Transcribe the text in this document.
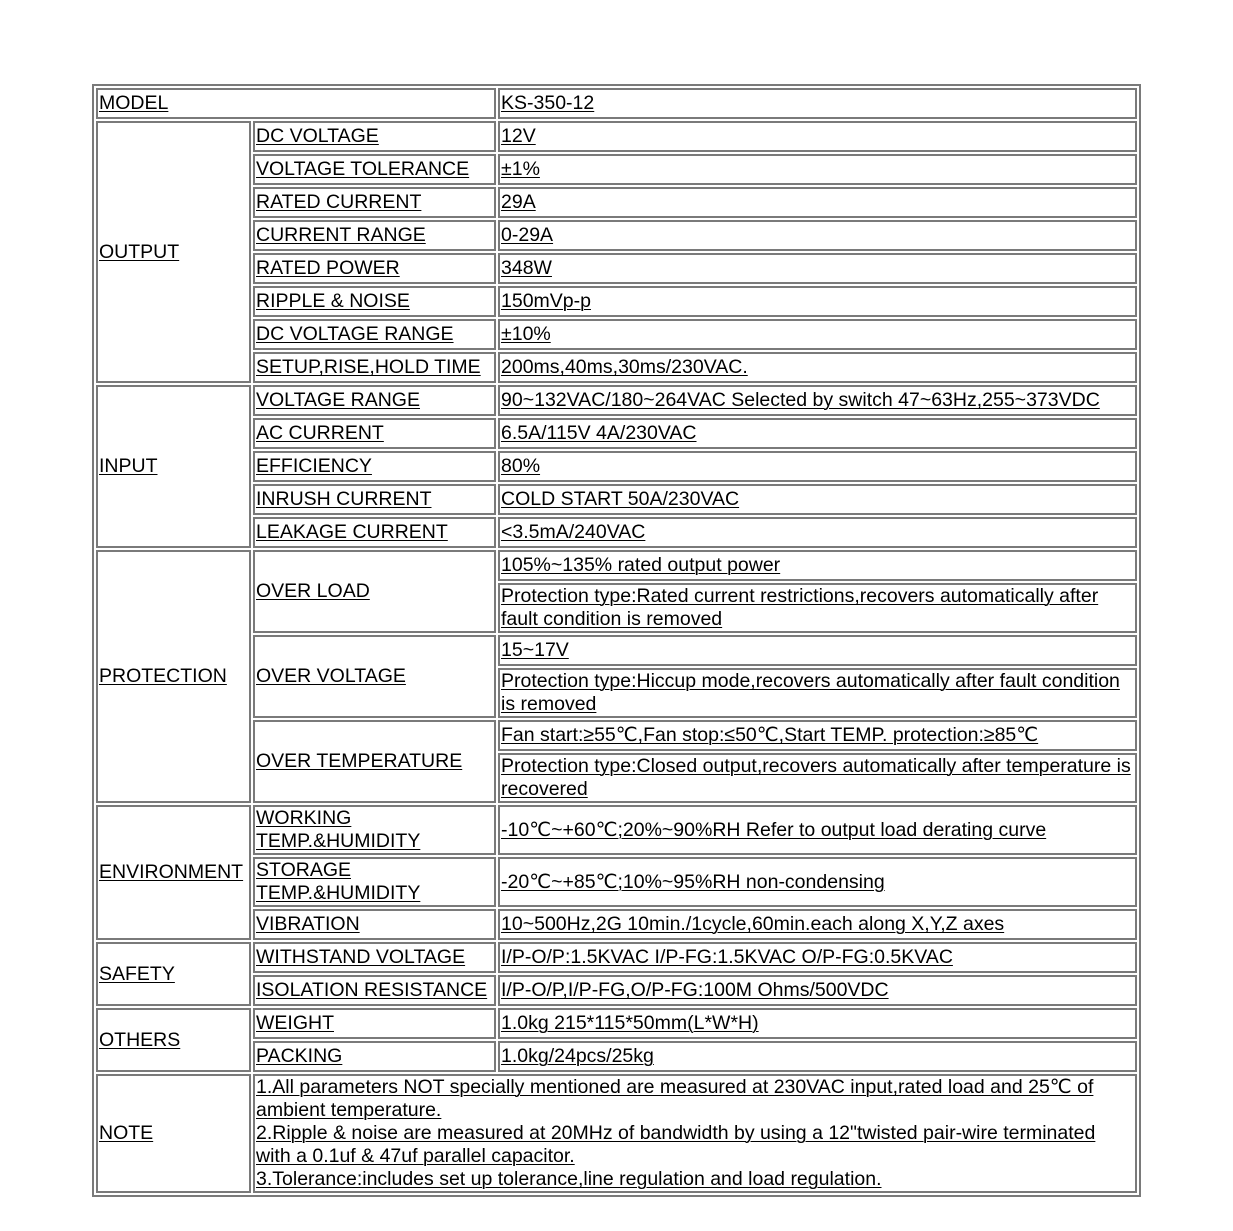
MODEL		KS-350-12
OUTPUT	DC VOLTAGE	12V
	VOLTAGE TOLERANCE	±1%
	RATED CURRENT	29A
	CURRENT RANGE	0-29A
	RATED POWER	348W
	RIPPLE & NOISE	150mVp-p
	DC VOLTAGE RANGE	±10%
	SETUP,RISE,HOLD TIME	200ms,40ms,30ms/230VAC.
INPUT	VOLTAGE RANGE	90~132VAC/180~264VAC Selected by switch 47~63Hz,255~373VDC
	AC CURRENT	6.5A/115V 4A/230VAC
	EFFICIENCY	80%
	INRUSH CURRENT	COLD START 50A/230VAC
	LEAKAGE CURRENT	<3.5mA/240VAC
PROTECTION	OVER LOAD	105%~135% rated output power
		Protection type:Rated current restrictions,recovers automatically after fault condition is removed
	OVER VOLTAGE	15~17V
		Protection type:Hiccup mode,recovers automatically after fault condition is removed
	OVER TEMPERATURE	Fan start:≥55℃,Fan stop:≤50℃,Start TEMP. protection:≥85℃
		Protection type:Closed output,recovers automatically after temperature is recovered
ENVIRONMENT	WORKING TEMP.&HUMIDITY	-10℃~+60℃;20%~90%RH Refer to output load derating curve
	STORAGE TEMP.&HUMIDITY	-20℃~+85℃;10%~95%RH non-condensing
	VIBRATION	10~500Hz,2G 10min./1cycle,60min.each along X,Y,Z axes
SAFETY	WITHSTAND VOLTAGE	I/P-O/P:1.5KVAC I/P-FG:1.5KVAC O/P-FG:0.5KVAC
	ISOLATION RESISTANCE	I/P-O/P,I/P-FG,O/P-FG:100M Ohms/500VDC
OTHERS	WEIGHT	1.0kg 215*115*50mm(L*W*H)
	PACKING	1.0kg/24pcs/25kg
NOTE	1.All parameters NOT specially mentioned are measured at 230VAC input,rated load and 25℃ of ambient temperature.
2.Ripple & noise are measured at 20MHz of bandwidth by using a 12"twisted pair-wire terminated with a 0.1uf & 47uf parallel capacitor.
3.Tolerance:includes set up tolerance,line regulation and load regulation.	
